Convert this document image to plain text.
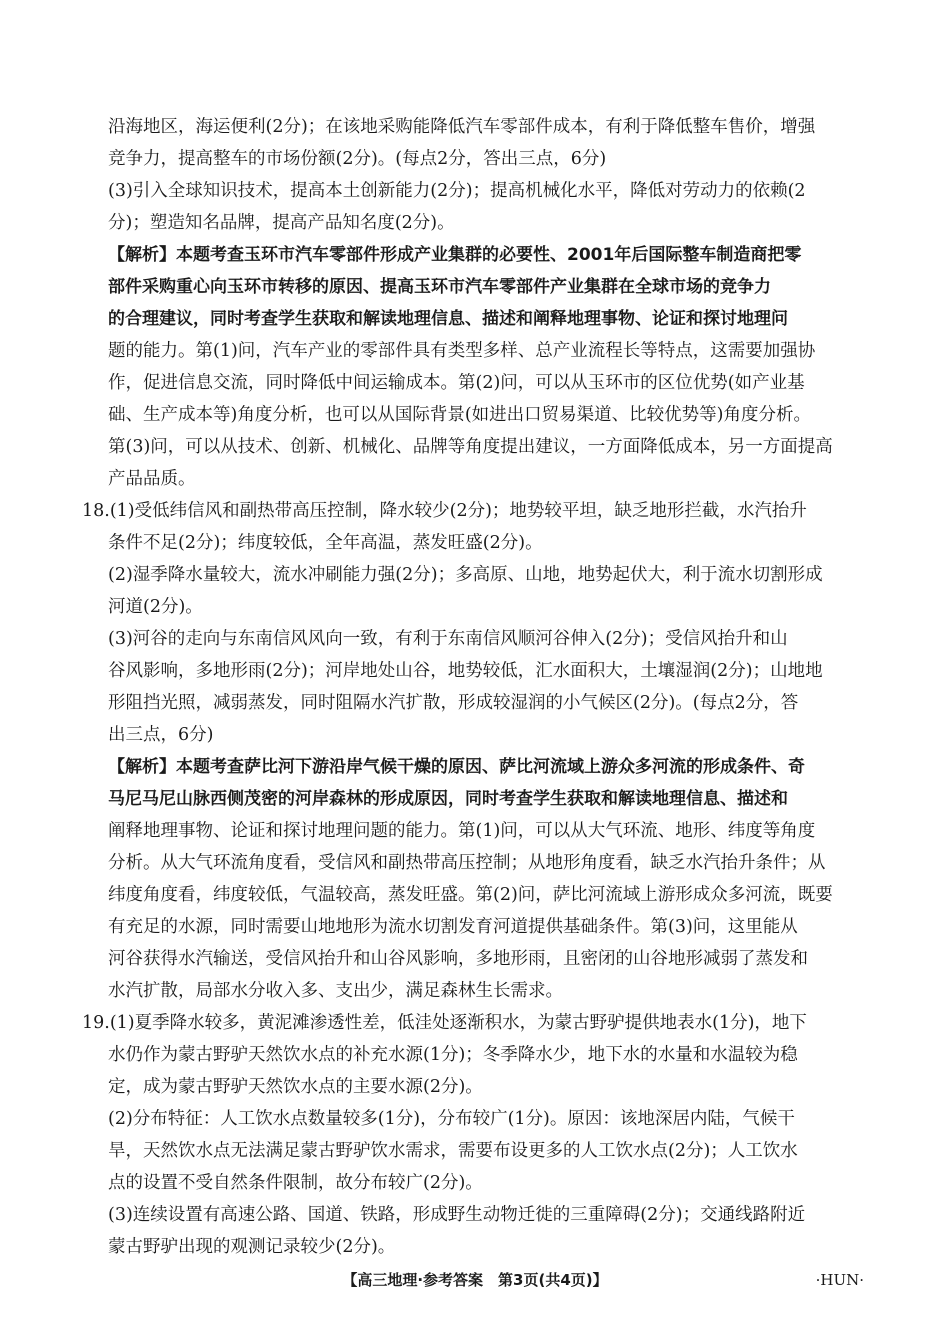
沿海地区，海运便利(2分)；在该地采购能降低汽车零部件成本，有利于降低整车售价，增强
竞争力，提高整车的市场份额(2分)。(每点2分，答出三点，6分)
(3)引入全球知识技术，提高本土创新能力(2分)；提高机械化水平，降低对劳动力的依赖(2
分)；塑造知名品牌，提高产品知名度(2分)。
【解析】本题考查玉环市汽车零部件形成产业集群的必要性、2001年后国际整车制造商把零
部件采购重心向玉环市转移的原因、提高玉环市汽车零部件产业集群在全球市场的竞争力
的合理建议，同时考查学生获取和解读地理信息、描述和阐释地理事物、论证和探讨地理问
题的能力。第(1)问，汽车产业的零部件具有类型多样、总产业流程长等特点，这需要加强协
作，促进信息交流，同时降低中间运输成本。第(2)问，可以从玉环市的区位优势(如产业基
础、生产成本等)角度分析，也可以从国际背景(如进出口贸易渠道、比较优势等)角度分析。
第(3)问，可以从技术、创新、机械化、品牌等角度提出建议，一方面降低成本，另一方面提高
产品品质。
18.(1)受低纬信风和副热带高压控制，降水较少(2分)；地势较平坦，缺乏地形拦截，水汽抬升
条件不足(2分)；纬度较低，全年高温，蒸发旺盛(2分)。
(2)湿季降水量较大，流水冲刷能力强(2分)；多高原、山地，地势起伏大，利于流水切割形成
河道(2分)。
(3)河谷的走向与东南信风风向一致，有利于东南信风顺河谷伸入(2分)；受信风抬升和山
谷风影响，多地形雨(2分)；河岸地处山谷，地势较低，汇水面积大，土壤湿润(2分)；山地地
形阻挡光照，减弱蒸发，同时阻隔水汽扩散，形成较湿润的小气候区(2分)。(每点2分，答
出三点，6分)
【解析】本题考查萨比河下游沿岸气候干燥的原因、萨比河流域上游众多河流的形成条件、奇
马尼马尼山脉西侧茂密的河岸森林的形成原因，同时考查学生获取和解读地理信息、描述和
阐释地理事物、论证和探讨地理问题的能力。第(1)问，可以从大气环流、地形、纬度等角度
分析。从大气环流角度看，受信风和副热带高压控制；从地形角度看，缺乏水汽抬升条件；从
纬度角度看，纬度较低，气温较高，蒸发旺盛。第(2)问，萨比河流域上游形成众多河流，既要
有充足的水源，同时需要山地地形为流水切割发育河道提供基础条件。第(3)问，这里能从
河谷获得水汽输送，受信风抬升和山谷风影响，多地形雨，且密闭的山谷地形减弱了蒸发和
水汽扩散，局部水分收入多、支出少，满足森林生长需求。
19.(1)夏季降水较多，黄泥滩渗透性差，低洼处逐渐积水，为蒙古野驴提供地表水(1分)，地下
水仍作为蒙古野驴天然饮水点的补充水源(1分)；冬季降水少，地下水的水量和水温较为稳
定，成为蒙古野驴天然饮水点的主要水源(2分)。
(2)分布特征：人工饮水点数量较多(1分)，分布较广(1分)。原因：该地深居内陆，气候干
旱，天然饮水点无法满足蒙古野驴饮水需求，需要布设更多的人工饮水点(2分)；人工饮水
点的设置不受自然条件限制，故分布较广(2分)。
(3)连续设置有高速公路、国道、铁路，形成野生动物迁徙的三重障碍(2分)；交通线路附近
蒙古野驴出现的观测记录较少(2分)。
【高三地理·参考答案　第3页(共4页)】	·HUN·
